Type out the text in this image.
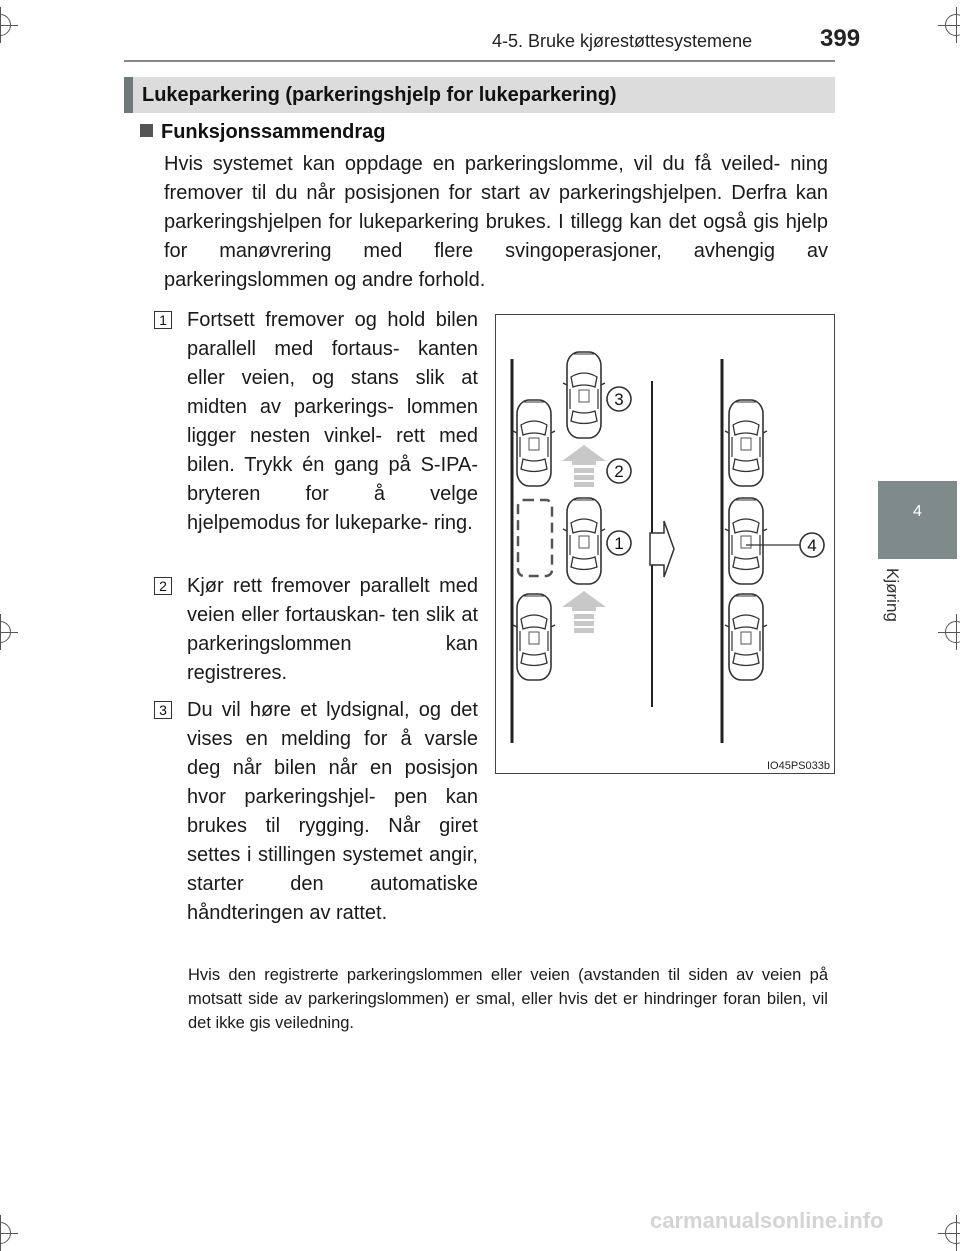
4-5. Bruke kjørestøttesystemene	399
4
Kjøring
Lukeparkering (parkeringshjelp for lukeparkering)
Funksjonssammendrag
Hvis systemet kan oppdage en parkeringslomme, vil du få veiled- ning fremover til du når posisjonen for start av parkeringshjelpen. Derfra kan parkeringshjelpen for lukeparkering brukes. I tillegg kan det også gis hjelp for manøvrering med flere svingoperasjoner, avhengig av parkeringslommen og andre forhold.
1 Fortsett fremover og hold bilen parallell med fortaus- kanten eller veien, og stans slik at midten av parkerings- lommen ligger nesten vinkel- rett med bilen. Trykk én gang på S-IPA-bryteren for å velge hjelpemodus for lukeparke- ring.
2 Kjør rett fremover parallelt med veien eller fortauskan- ten slik at parkeringslommen	kan registreres.
3 Du vil høre et lydsignal, og det vises en melding for å varsle deg når bilen når en posisjon hvor parkeringshjel- pen kan brukes til rygging. Når giret settes i stillingen systemet angir, starter den automatiske håndteringen av rattet.
3
2
1	4
IO45PS033b
Hvis den registrerte parkeringslommen eller veien (avstanden til siden av veien på motsatt side av parkeringslommen) er smal, eller hvis det er hindringer foran bilen, vil det ikke gis veiledning.
carmanualsonline.info
